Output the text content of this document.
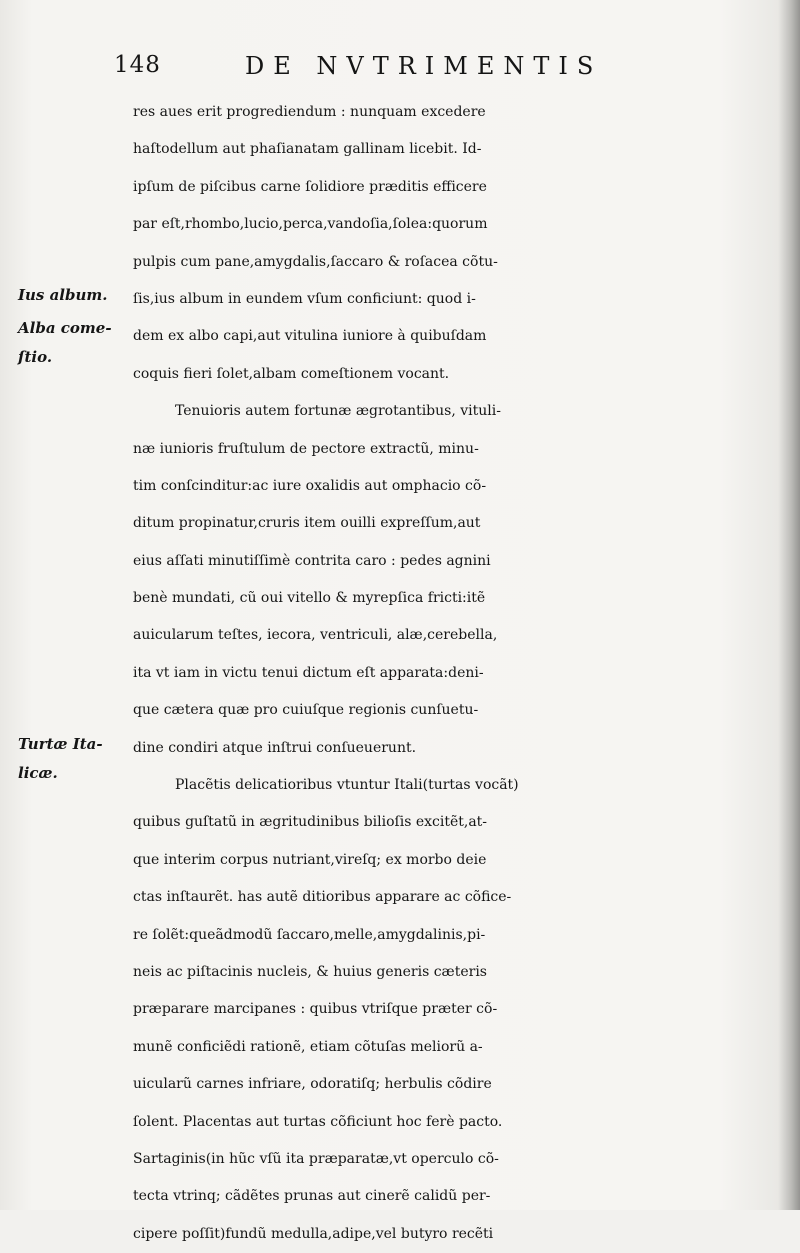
148	DE NVTRIMENTIS
Ius album.
Alba come-
ſtio.
Turtæ Ita-
licæ.
res aues erit progrediendum : nunquam excedere
haſtodellum aut phaſianatam gallinam licebit. Id-
ipſum de piſcibus carne ſolidiore præditis efficere
par eſt,rhombo,lucio,perca,vandoſia,ſolea:quorum
pulpis cum pane,amygdalis,ſaccaro & roſacea cõtu-
ſis,ius album in eundem vſum conficiunt: quod i-
dem ex albo capi,aut vitulina iuniore à quibuſdam
coquis fieri ſolet,albam comeſtionem vocant.
Tenuioris autem fortunæ ægrotantibus, vituli-
næ iunioris fruſtulum de pectore extractũ, minu-
tim conſcinditur:ac iure oxalidis aut omphacio cõ-
ditum propinatur,cruris item ouilli expreſſum,aut
eius aſſati minutiſſimè contrita caro : pedes agnini
benè mundati, cũ oui vitello & myrepſica fricti:itẽ
auicularum teſtes, iecora, ventriculi, alæ,cerebella,
ita vt iam in victu tenui dictum eſt apparata:deni-
que cætera quæ pro cuiuſque regionis cunſuetu-
dine condiri atque inſtrui conſueuerunt.
Placẽtis delicatioribus vtuntur Itali(turtas vocãt)
quibus guſtatũ in ægritudinibus bilioſis excitẽt,at-
que interim corpus nutriant,vireſq; ex morbo deie
ctas inſtaurẽt. has autẽ ditioribus apparare ac cõfice-
re ſolẽt:queãdmodũ ſaccaro,melle,amygdalinis,pi-
neis ac piſtacinis nucleis, & huius generis cæteris
præparare marcipanes : quibus vtriſque præter cõ-
munẽ conficiẽdi rationẽ, etiam cõtuſas meliorũ a-
uicularũ carnes infriare, odoratiſq; herbulis cõdire
ſolent. Placentas aut turtas cõficiunt hoc ferè pacto.
Sartaginis(in hũc vſũ ita præparatæ,vt operculo cõ-
tecta vtrinq; cãdẽtes prunas aut cinerẽ calidũ per-
cipere poſſit)fundũ medulla,adipe,vel butyro recẽti
